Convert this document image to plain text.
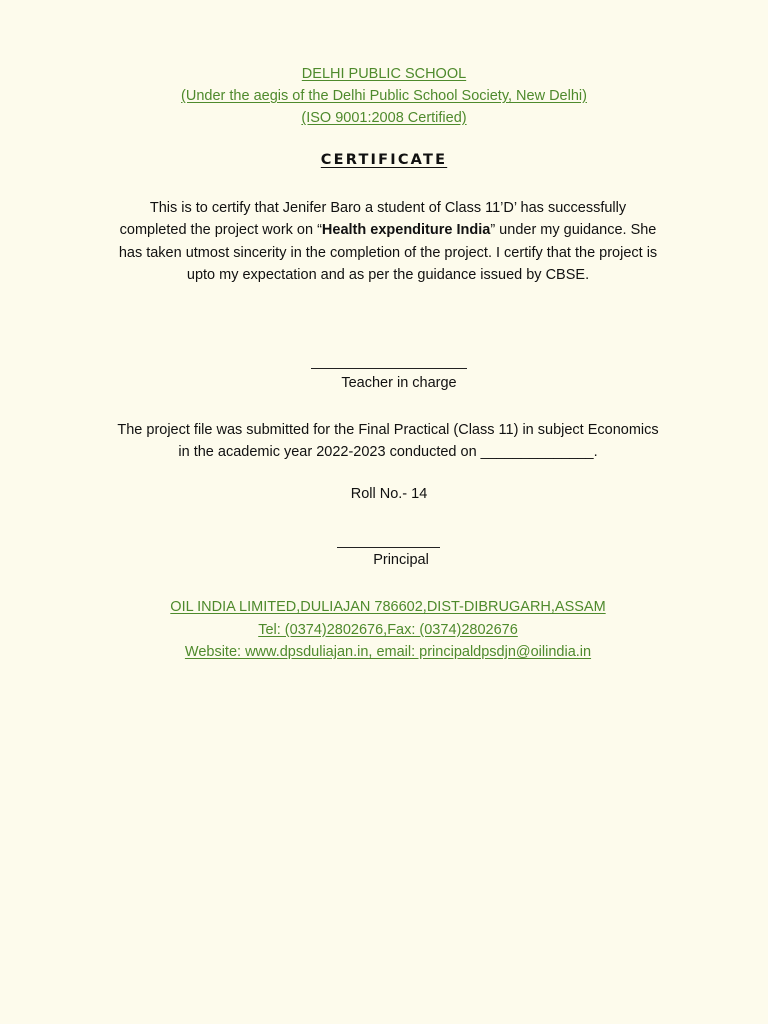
DELHI PUBLIC SCHOOL
(Under the aegis of the Delhi Public School Society, New Delhi)
(ISO 9001:2008 Certified)
CERTIFICATE
This is to certify that Jenifer Baro a student of Class 11’D’ has successfully completed the project work on “Health expenditure India” under my guidance. She has taken utmost sincerity in the completion of the project. I certify that the project is upto my expectation and as per the guidance issued by CBSE.
Teacher in charge
The project file was submitted for the Final Practical (Class 11) in subject Economics in the academic year 2022-2023 conducted on ______________.
Roll No.- 14
Principal
OIL INDIA LIMITED,DULIAJAN 786602,DIST-DIBRUGARH,ASSAM
Tel: (0374)2802676,Fax: (0374)2802676
Website: www.dpsduliajan.in, email: principaldpsdjn@oilindia.in
